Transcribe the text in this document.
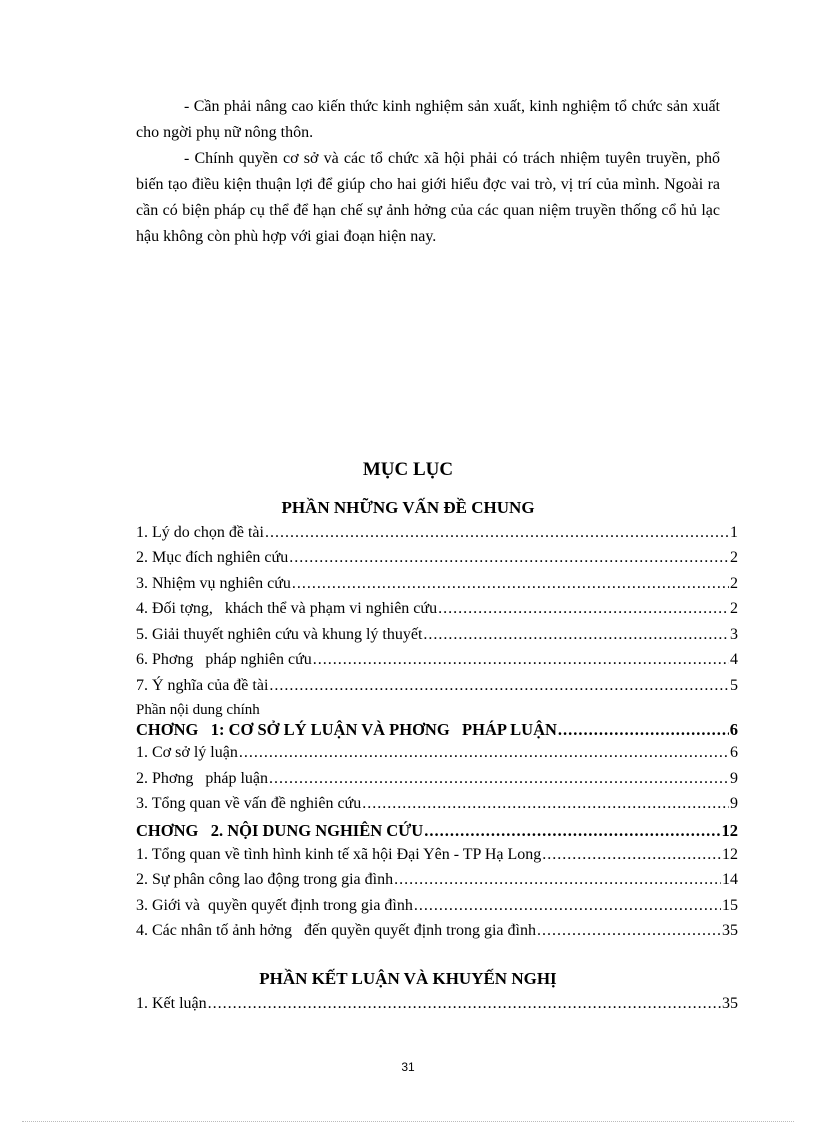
- Cần phải nâng cao kiến thức kinh nghiệm sản xuất, kinh nghiệm tổ chức sản xuất cho ngời phụ nữ nông thôn.

- Chính quyền cơ sở và các tổ chức xã hội phải có trách nhiệm tuyên truyền, phổ biến tạo điều kiện thuận lợi để giúp cho hai giới hiểu đợc vai trò, vị trí của mình. Ngoài ra cần có biện pháp cụ thể để hạn chế sự ảnh hởng của các quan niệm truyền thống cổ hủ lạc hậu không còn phù hợp với giai đoạn hiện nay.

MỤC LỤC
PHẦN NHỮNG VẤN ĐỀ CHUNG
1. Lý do chọn đề tài .....	1
2. Mục đích nghiên cứu .....	2
3. Nhiệm vụ nghiên cứu .....	2
4. Đối tợng,   khách thể và phạm vi nghiên cứu .....	2
5. Giải thuyết nghiên cứu và khung lý thuyết .....	3
6. Phơng   pháp nghiên cứu .....	4
7. Ý nghĩa của đề tài .....	5
Phần nội dung chính
CHƠNG   1: CƠ SỞ LÝ LUẬN VÀ PHƠNG   PHÁP LUẬN .....	6
1. Cơ sở lý luận .....	6
2. Phơng   pháp luận .....	9
3. Tổng quan về vấn đề nghiên cứu .....	9
CHƠNG   2. NỘI DUNG NGHIÊN CỨU .....	12
1. Tổng quan về tình hình kinh tế xã hội Đại Yên - TP Hạ Long .....	12
2. Sự phân công lao động trong gia đình .....	14
3. Giới và  quyền quyết định trong gia đình .....	15
4. Các nhân tố ảnh hởng   đến quyền quyết định trong gia đình .....	35
PHẦN KẾT LUẬN VÀ KHUYẾN NGHỊ
1. Kết luận .....	35
31
